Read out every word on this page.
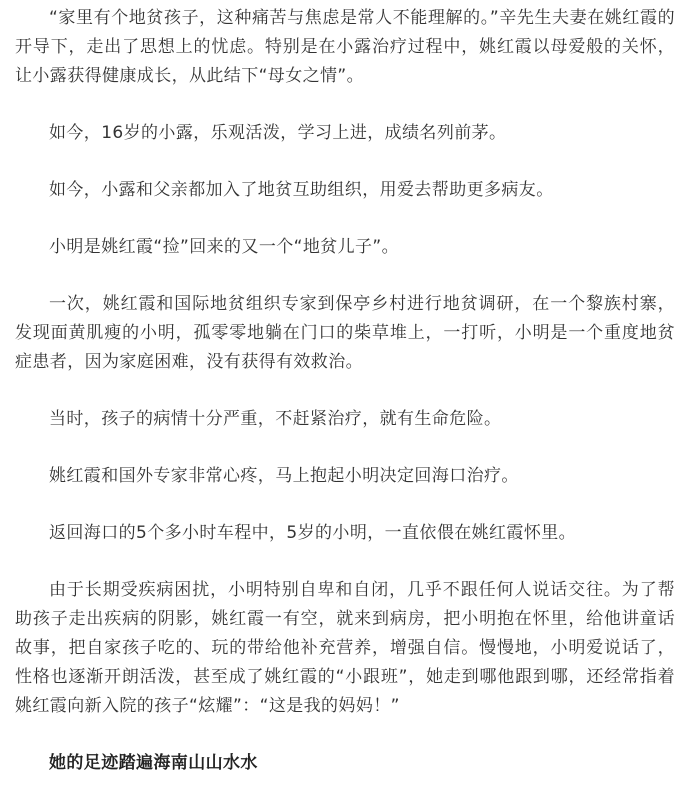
“家里有个地贫孩子，这种痛苦与焦虑是常人不能理解的。”辛先生夫妻在姚红霞的开导下，走出了思想上的忧虑。特别是在小露治疗过程中，姚红霞以母爱般的关怀，让小露获得健康成长，从此结下“母女之情”。

如今，16岁的小露，乐观活泼，学习上进，成绩名列前茅。

如今，小露和父亲都加入了地贫互助组织，用爱去帮助更多病友。

小明是姚红霞“捡”回来的又一个“地贫儿子”。

一次，姚红霞和国际地贫组织专家到保亭乡村进行地贫调研，在一个黎族村寨，发现面黄肌瘦的小明，孤零零地躺在门口的柴草堆上，一打听，小明是一个重度地贫症患者，因为家庭困难，没有获得有效救治。

当时，孩子的病情十分严重，不赶紧治疗，就有生命危险。

姚红霞和国外专家非常心疼，马上抱起小明决定回海口治疗。

返回海口的5个多小时车程中，5岁的小明，一直依偎在姚红霞怀里。

由于长期受疾病困扰，小明特别自卑和自闭，几乎不跟任何人说话交往。为了帮助孩子走出疾病的阴影，姚红霞一有空，就来到病房，把小明抱在怀里，给他讲童话故事，把自家孩子吃的、玩的带给他补充营养，增强自信。慢慢地，小明爱说话了，性格也逐渐开朗活泼，甚至成了姚红霞的“小跟班”，她走到哪他跟到哪，还经常指着姚红霞向新入院的孩子“炫耀”：“这是我的妈妈！”

她的足迹踏遍海南山山水水
